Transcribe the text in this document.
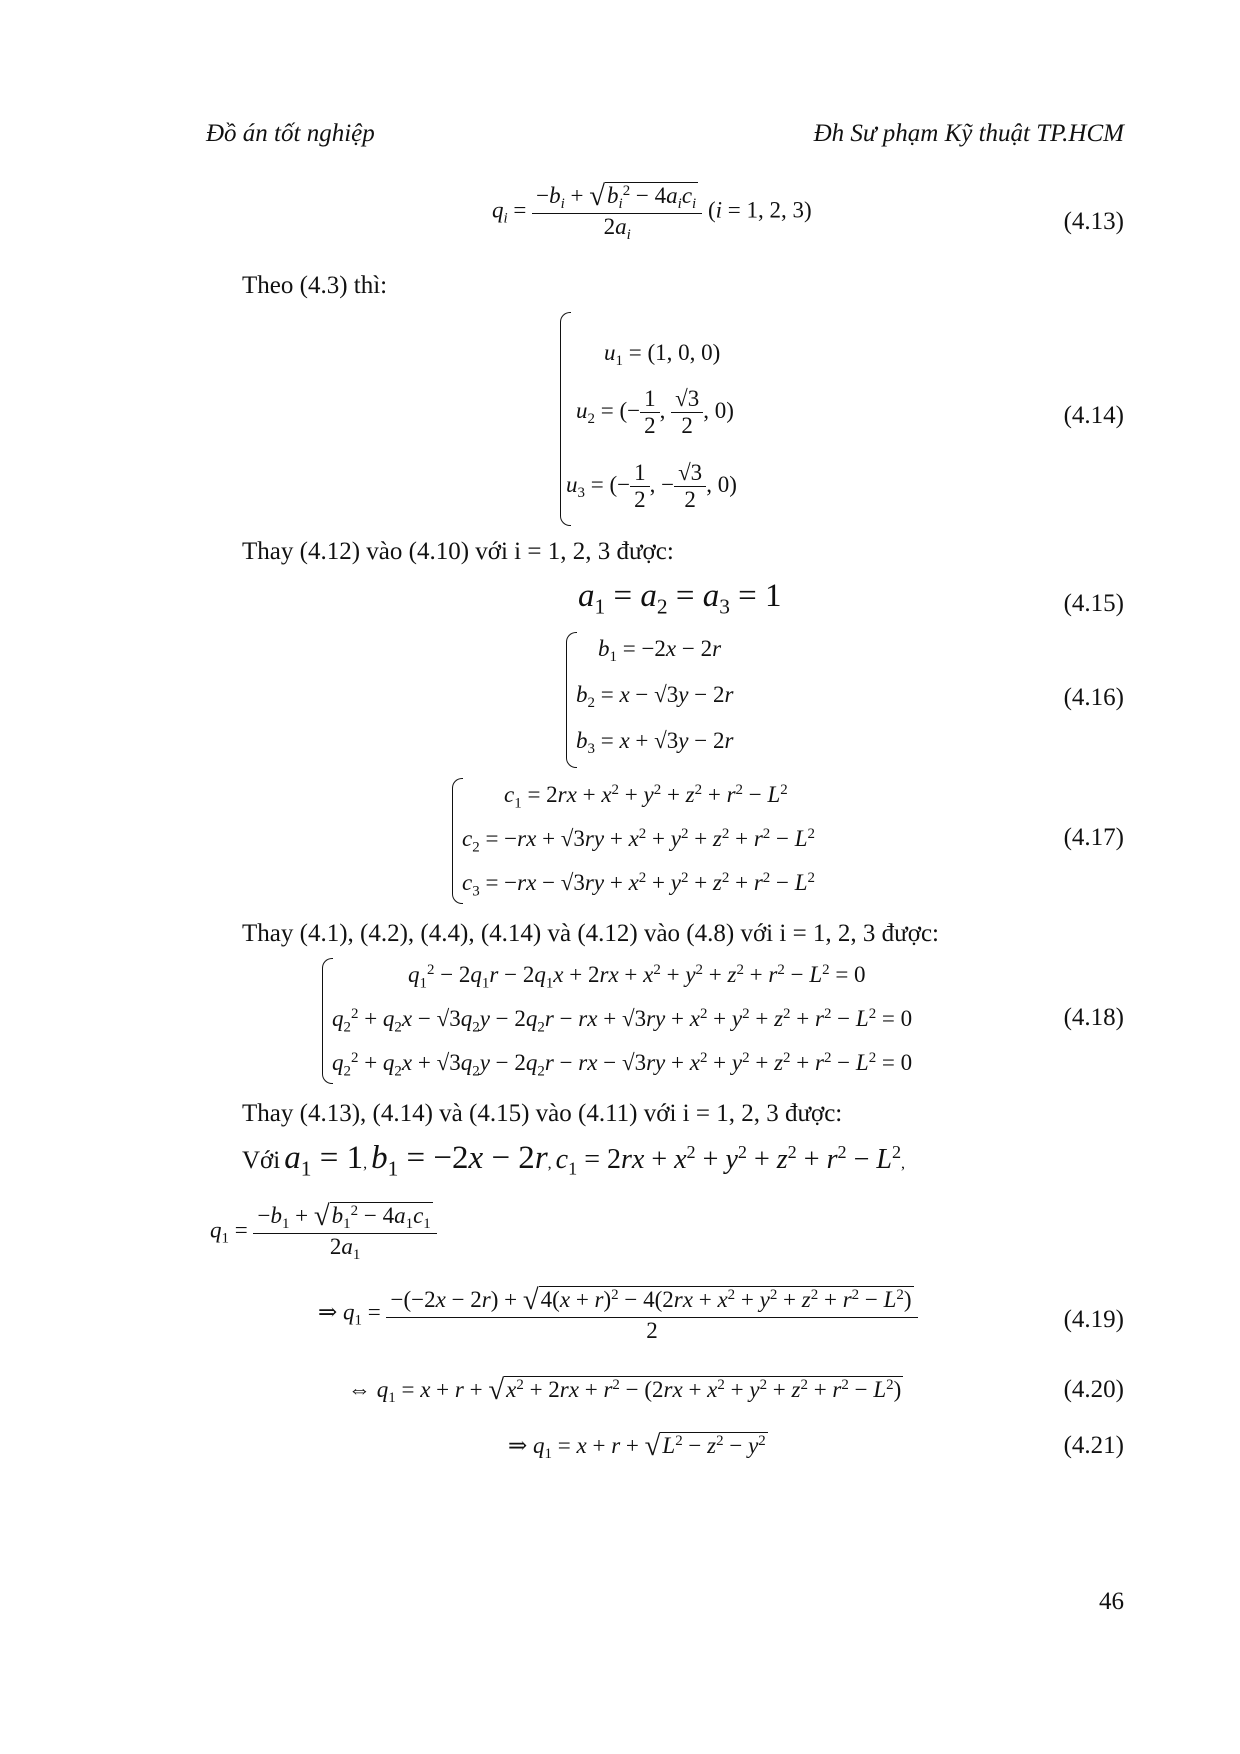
Đồ án tốt nghiệp	Đh Sư phạm Kỹ thuật TP.HCM
$q_i = \frac{-b_i + √b_i^2 - 4a_ic_i}{2a_i} (i = 1$, 2, 3)	(4.13)
Theo (4.3) thì:
$u_1 = (1$, 0, 0)
$u_2$ = (− $\frac{1}{2}$ , $\frac{√3}{2}$ , 0)
$u_3$ = (− $\frac{1}{2}$ , − $\frac{√3}{2}$ , 0)
(4.14)
Thay (4.12) vào (4.10) với i = 1, 2, 3 được:
$a_1 = a_2 = a_3 = 1$	(4.15)
$b_1 = -2x - 2r$
$b_2 = x - √3y - 2r$
$b_3 = x + √3y - 2r$
(4.16)
$c_1 = 2rx + x^2 + y^2 + z^2 + r^2 - L^2$
$c_2 = -rx + √3ry + x^2 + y^2 + z^2 + r^2 - L^2$
$c_3 = -rx - √3ry + x^2 + y^2 + z^2 + r^2 - L^2$
(4.17)
Thay (4.1), (4.2), (4.4), (4.14) và (4.12) vào (4.8) với i = 1, 2, 3 được:
$q_1^2 - 2q_1r - 2q_1x + 2rx + x^2 + y^2 + z^2 + r^2 - L^2 = 0$
$q_2^2 + q_2x - √3q_2y - 2q_2r$ − rx + $√3ry + x^2 + y^2 + z^2 + r^2 - L^2 = 0$
$q_2^2 + q_2x + √3q_2y - 2q_2r$ − rx − $√3ry + x^2 + y^2 + z^2 + r^2 - L^2 = 0$
(4.18)
Thay (4.13), (4.14) và (4.15) vào (4.11) với i = 1, 2, 3 được:
Với $a_1 = 1$, $b_1 = -2x - 2r$, $c_1 = 2rx + x^2 + y^2 + z^2 + r^2 - L^2$,
$q_1 = \frac{-b_1 + √b_1^2 - 4a_1c_1}{2a_1}$
⇒ $q_1 = \frac{-(-2x - 2r) + √4(x + r)^2 - 4(2rx + x^2 + y^2 + z^2 + r^2 - L^2)}{2}$	(4.19)
⇔ $q_1 = x + r + √x^2 + 2rx + r^2 - (2rx + x^2 + y^2 + z^2 + r^2 - L^2)$	(4.20)
⇒ $q_1 = x + r + √L^2 - z^2 - y^2$	(4.21)
46
